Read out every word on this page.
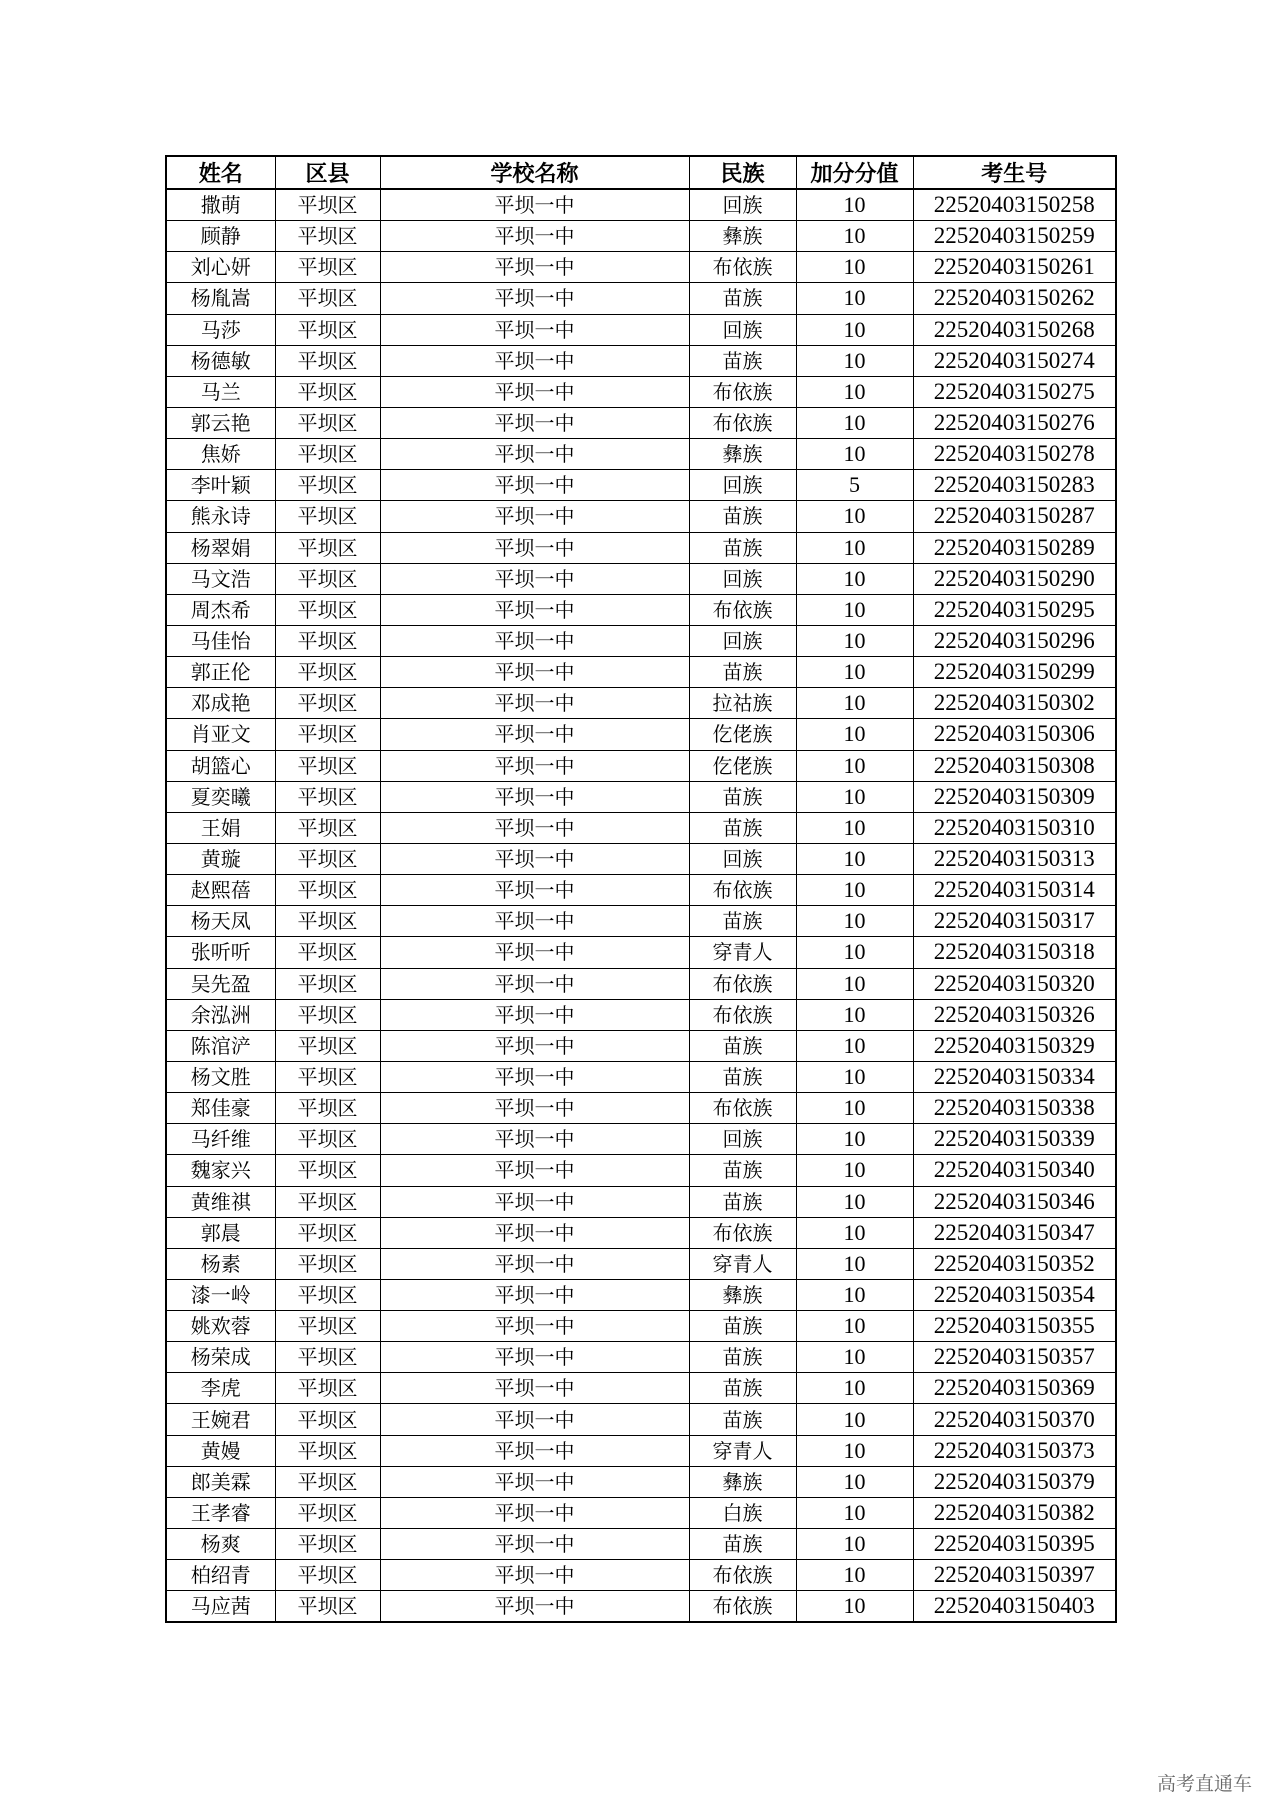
姓名	区县	学校名称	民族	加分分值	考生号
撒萌	平坝区	平坝一中	回族	10	22520403150258
顾静	平坝区	平坝一中	彝族	10	22520403150259
刘心妍	平坝区	平坝一中	布依族	10	22520403150261
杨胤嵩	平坝区	平坝一中	苗族	10	22520403150262
马莎	平坝区	平坝一中	回族	10	22520403150268
杨德敏	平坝区	平坝一中	苗族	10	22520403150274
马兰	平坝区	平坝一中	布依族	10	22520403150275
郭云艳	平坝区	平坝一中	布依族	10	22520403150276
焦娇	平坝区	平坝一中	彝族	10	22520403150278
李叶颖	平坝区	平坝一中	回族	5	22520403150283
熊永诗	平坝区	平坝一中	苗族	10	22520403150287
杨翠娟	平坝区	平坝一中	苗族	10	22520403150289
马文浩	平坝区	平坝一中	回族	10	22520403150290
周杰希	平坝区	平坝一中	布依族	10	22520403150295
马佳怡	平坝区	平坝一中	回族	10	22520403150296
郭正伦	平坝区	平坝一中	苗族	10	22520403150299
邓成艳	平坝区	平坝一中	拉祜族	10	22520403150302
肖亚文	平坝区	平坝一中	仡佬族	10	22520403150306
胡篮心	平坝区	平坝一中	仡佬族	10	22520403150308
夏奕曦	平坝区	平坝一中	苗族	10	22520403150309
王娟	平坝区	平坝一中	苗族	10	22520403150310
黄璇	平坝区	平坝一中	回族	10	22520403150313
赵熙蓓	平坝区	平坝一中	布依族	10	22520403150314
杨天凤	平坝区	平坝一中	苗族	10	22520403150317
张听听	平坝区	平坝一中	穿青人	10	22520403150318
吴先盈	平坝区	平坝一中	布依族	10	22520403150320
余泓洲	平坝区	平坝一中	布依族	10	22520403150326
陈涫浐	平坝区	平坝一中	苗族	10	22520403150329
杨文胜	平坝区	平坝一中	苗族	10	22520403150334
郑佳豪	平坝区	平坝一中	布依族	10	22520403150338
马纤维	平坝区	平坝一中	回族	10	22520403150339
魏家兴	平坝区	平坝一中	苗族	10	22520403150340
黄维祺	平坝区	平坝一中	苗族	10	22520403150346
郭晨	平坝区	平坝一中	布依族	10	22520403150347
杨素	平坝区	平坝一中	穿青人	10	22520403150352
漆一岭	平坝区	平坝一中	彝族	10	22520403150354
姚欢蓉	平坝区	平坝一中	苗族	10	22520403150355
杨荣成	平坝区	平坝一中	苗族	10	22520403150357
李虎	平坝区	平坝一中	苗族	10	22520403150369
王婉君	平坝区	平坝一中	苗族	10	22520403150370
黄嫚	平坝区	平坝一中	穿青人	10	22520403150373
郎美霖	平坝区	平坝一中	彝族	10	22520403150379
王孝睿	平坝区	平坝一中	白族	10	22520403150382
杨爽	平坝区	平坝一中	苗族	10	22520403150395
柏绍青	平坝区	平坝一中	布依族	10	22520403150397
马应茜	平坝区	平坝一中	布依族	10	22520403150403
高考直通车
